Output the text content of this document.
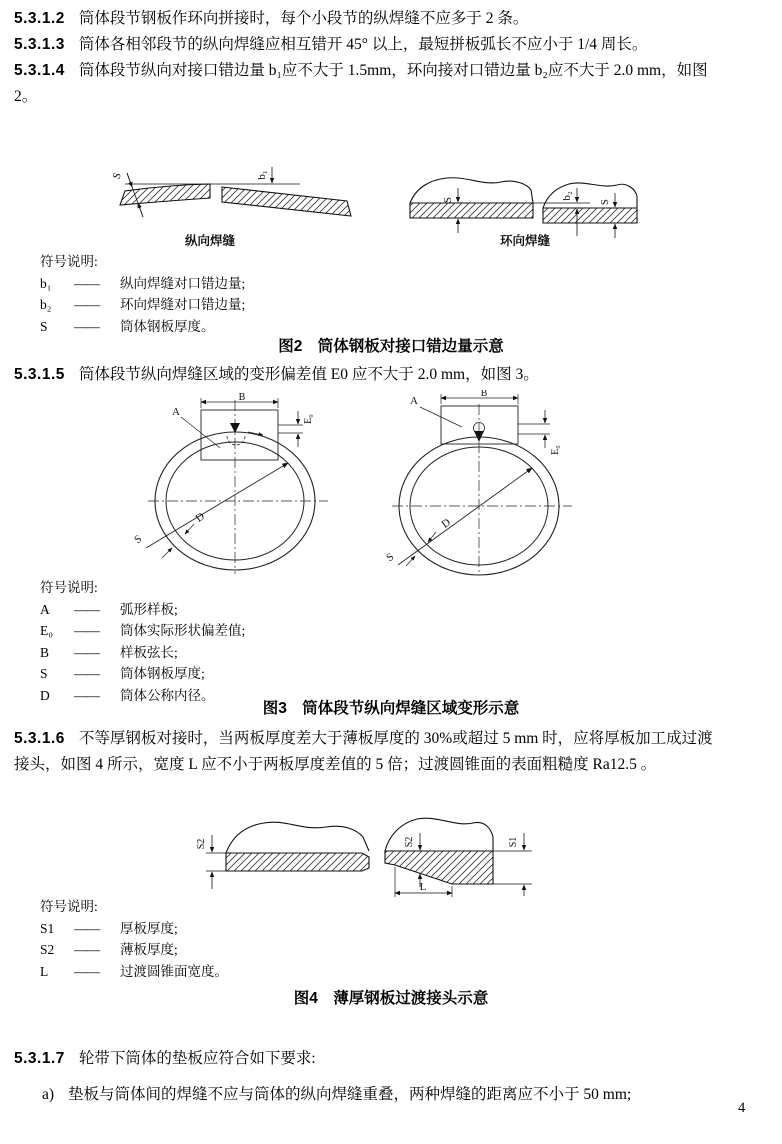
5.3.1.2 筒体段节钢板作环向拼接时，每个小段节的纵焊缝不应多于 2 条。
5.3.1.3 筒体各相邻段节的纵向焊缝应相互错开 45° 以上，最短拼板弧长不应小于 1/4 周长。
5.3.1.4 筒体段节纵向对接口错边量 b₁应不大于 1.5mm，环向接对口错边量 b₂应不大于 2.0 mm，如图
2。
S	b₁
纵向焊缝
S	b₂
S
环向焊缝
符号说明:
b₁	——	纵向焊缝对口错边量;
b₂	——	环向焊缝对口错边量;
S	——	筒体钢板厚度。
图2　筒体钢板对接口错边量示意
5.3.1.5 筒体段节纵向焊缝区域的变形偏差值 E0 应不大于 2.0 mm，如图 3。
B
A
E₀
D
S
B
A
E₀
D
S
符号说明:
A	——	弧形样板;
E₀	——	筒体实际形状偏差值;
B	——	样板弦长;
S	——	筒体钢板厚度;
D	——	筒体公称内径。
图3　筒体段节纵向焊缝区域变形示意
5.3.1.6 不等厚钢板对接时，当两板厚度差大于薄板厚度的 30%或超过 5 mm 时，应将厚板加工成过渡
接头，如图 4 所示，宽度 L 应不小于两板厚度差值的 5 倍；过渡圆锥面的表面粗糙度 Ra12.5 。
S2	S2	S1
L
符号说明:
S1	——	厚板厚度;
S2	——	薄板厚度;
L	——	过渡圆锥面宽度。
图4　薄厚钢板过渡接头示意
5.3.1.7 轮带下筒体的垫板应符合如下要求:
a) 垫板与筒体间的焊缝不应与筒体的纵向焊缝重叠，两种焊缝的距离应不小于 50 mm;
4
